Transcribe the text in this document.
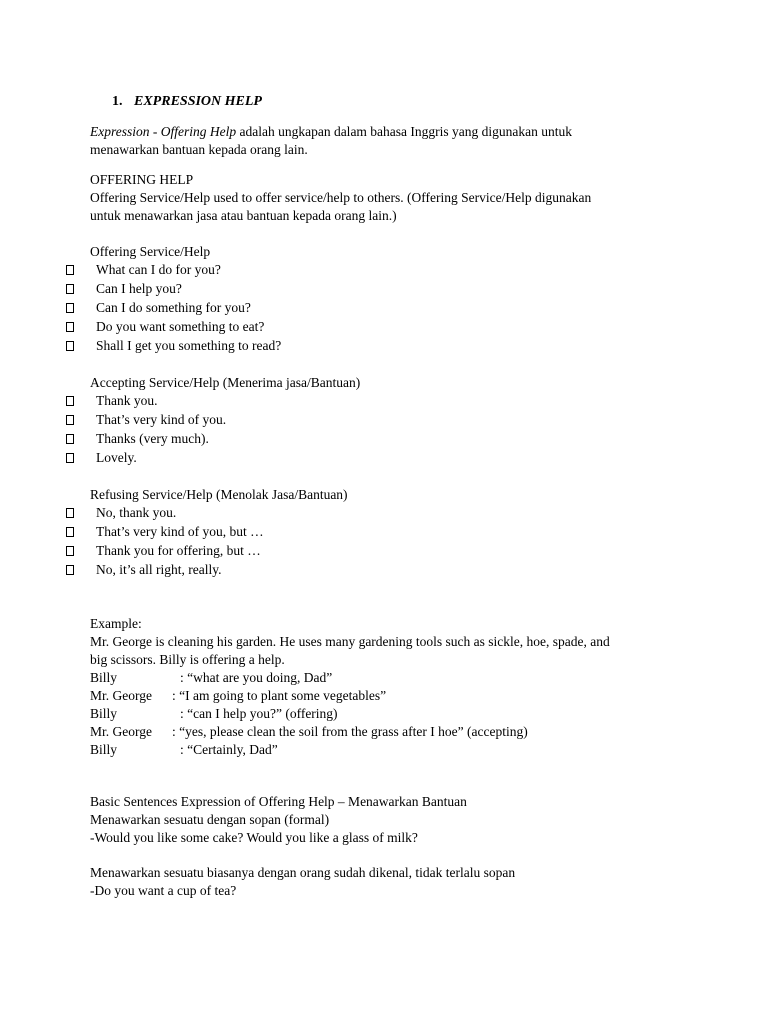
1. EXPRESSION HELP
Expression - Offering Help adalah ungkapan dalam bahasa Inggris yang digunakan untuk
menawarkan bantuan kepada orang lain.
OFFERING HELP
Offering Service/Help used to offer service/help to others. (Offering Service/Help digunakan
untuk menawarkan jasa atau bantuan kepada orang lain.)
Offering Service/Help
What can I do for you?
Can I help you?
Can I do something for you?
Do you want something to eat?
Shall I get you something to read?
Accepting Service/Help (Menerima jasa/Bantuan)
Thank you.
That’s very kind of you.
Thanks (very much).
Lovely.
Refusing Service/Help (Menolak Jasa/Bantuan)
No, thank you.
That’s very kind of you, but …
Thank you for offering, but …
No, it’s all right, really.
Example:
Mr. George is cleaning his garden. He uses many gardening tools such as sickle, hoe, spade, and
big scissors. Billy is offering a help.
Billy	: “what are you doing, Dad”
Mr. George	: “I am going to plant some vegetables”
Billy	: “can I help you?” (offering)
Mr. George	: “yes, please clean the soil from the grass after I hoe” (accepting)
Billy	: “Certainly, Dad”

Basic Sentences Expression of Offering Help – Menawarkan Bantuan

Menawarkan sesuatu dengan sopan (formal)

-Would you like some cake? Would you like a glass of milk?

Menawarkan sesuatu biasanya dengan orang sudah dikenal, tidak terlalu sopan

-Do you want a cup of tea?
